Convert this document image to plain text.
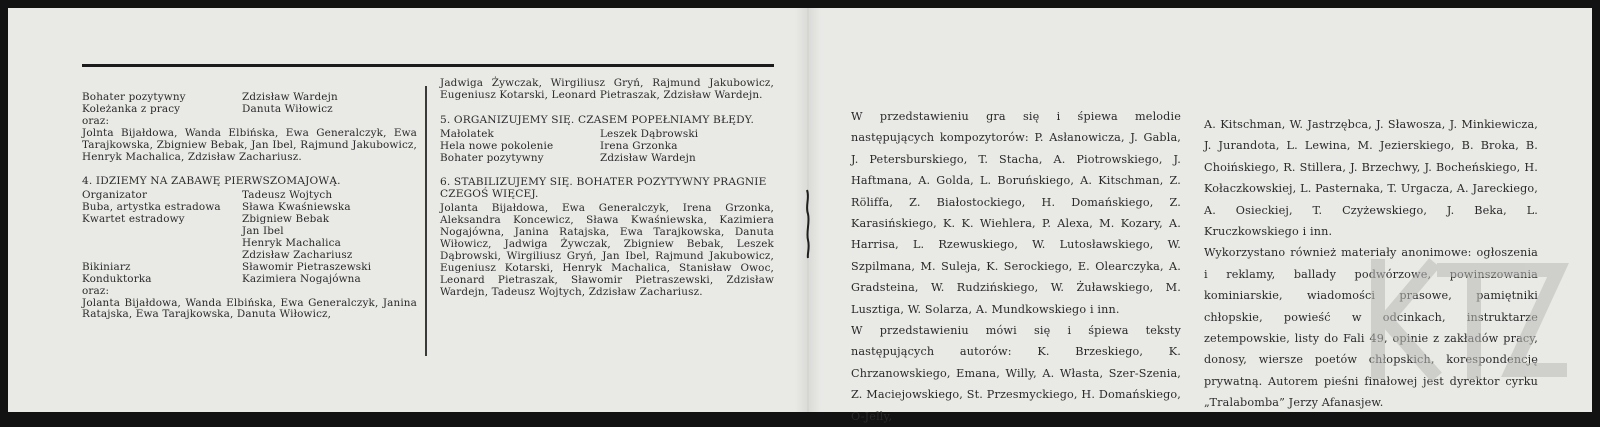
Bohater pozytywny	Zdzisław Wardejn
Koleżanka z pracy	Danuta Wiłowicz
oraz:
Jolnta Bijałdowa, Wanda Elbińska, Ewa Generalczyk, Ewa Tarajkowska, Zbigniew Bebak, Jan Ibel, Rajmund Jakubowicz, Henryk Machalica, Zdzisław Zachariusz.
4. IDZIEMY NA ZABAWĘ PIERWSZOMAJOWĄ.
Organizator	Tadeusz Wojtych
Buba, artystka estradowa	Sława Kwaśniewska
Kwartet estradowy	Zbigniew Bebak
Jan Ibel
Henryk Machalica
Zdzisław Zachariusz
Bikiniarz	Sławomir Pietraszewski
Konduktorka	Kazimiera Nogajówna
oraz:
Jolanta Bijałdowa, Wanda Elbińska, Ewa Generalczyk, Janina Ratajska, Ewa Tarajkowska, Danuta Wiłowicz,
Jadwiga Żywczak, Wirgiliusz Gryń, Rajmund Jakubowicz, Eugeniusz Kotarski, Leonard Pietraszak, Zdzisław Wardejn.
5. ORGANIZUJEMY SIĘ. CZASEM POPEŁNIAMY BŁĘDY.
Małolatek	Leszek Dąbrowski
Hela nowe pokolenie	Irena Grzonka
Bohater pozytywny	Zdzisław Wardejn
6. STABILIZUJEMY SIĘ. BOHATER POZYTYWNY PRAGNIE CZEGOŚ WIĘCEJ.
Jolanta Bijałdowa, Ewa Generalczyk, Irena Grzonka, Aleksandra Koncewicz, Sława Kwaśniewska, Kazimiera Nogajówna, Janina Ratajska, Ewa Tarajkowska, Danuta Wiłowicz, Jadwiga Żywczak, Zbigniew Bebak, Leszek Dąbrowski, Wirgiliusz Gryń, Jan Ibel, Rajmund Jakubowicz, Eugeniusz Kotarski, Henryk Machalica, Stanisław Owoc, Leonard Pietraszak, Sławomir Pietraszewski, Zdzisław Wardejn, Tadeusz Wojtych, Zdzisław Zachariusz.
W przedstawieniu gra się i śpiewa melodie następujących kompozytorów: P. Asłanowicza, J. Gabla, J. Petersburskiego, T. Stacha, A. Piotrowskiego, J. Haftmana, A. Golda, L. Boruńskiego, A. Kitschman, Z. Röliffa, Z. Białostockiego, H. Domańskiego, Z. Karasińskiego, K. K. Wiehlera, P. Alexa, M. Kozary, A. Harrisa, L. Rzewuskiego, W. Lutosławskiego, W. Szpilmana, M. Suleja, K. Serockiego, E. Olearczyka, A. Gradsteina, W. Rudzińskiego, W. Żuławskiego, M. Lusztiga, W. Solarza, A. Mundkowskiego i inn.
W przedstawieniu mówi się i śpiewa teksty następujących autorów: K. Brzeskiego, K. Chrzanowskiego, Emana, Willy, A. Własta, Szer-Szenia, Z. Maciejowskiego, St. Przesmyckiego, H. Domańskiego, O-Jelly,
A. Kitschman, W. Jastrzębca, J. Sławosza, J. Minkiewicza, J. Jurandota, L. Lewina, M. Jezierskiego, B. Broka, B. Choińskiego, R. Stillera, J. Brzechwy, J. Bocheńskiego, H. Kołaczkowskiej, L. Pasternaka, T. Urgacza, A. Jareckiego, A. Osieckiej, T. Czyżewskiego, J. Beka, L. Kruczkowskiego i inn.
Wykorzystano również materiały anonimowe: ogłoszenia i reklamy, ballady podwórzowe, powinszowania kominiarskie, wiadomości prasowe, pamiętniki chłopskie, powieść w odcinkach, instruktarze zetempowskie, listy do Fali 49, opinie z zakładów pracy, donosy, wiersze poetów chłopskich, korespondencję prywatną. Autorem pieśni finałowej jest dyrektor cyrku „Tralabomba” Jerzy Afanasjew.
